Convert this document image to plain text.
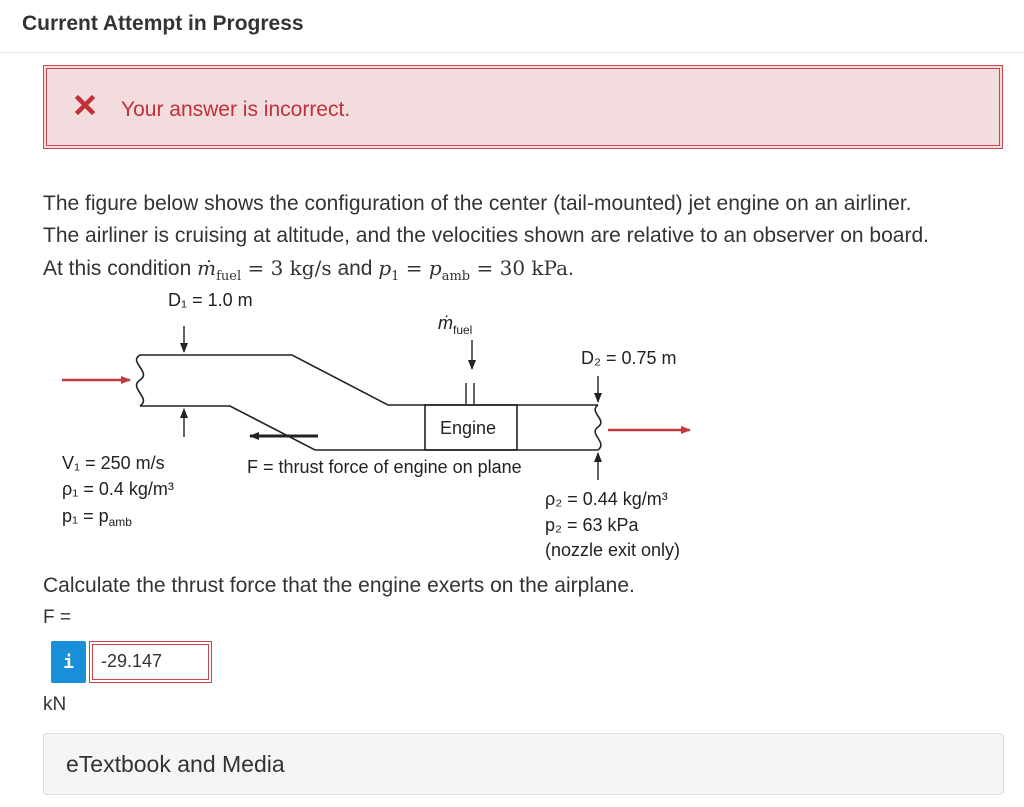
Current Attempt in Progress
Your answer is incorrect.
The figure below shows the configuration of the center (tail-mounted) jet engine on an airliner.
The airliner is cruising at altitude, and the velocities shown are relative to an observer on board.
At this condition ṁ$_{fuel}$ = 3 kg/s and $p_1 = p_{amb} = 30$ kPa.
Engine
D₁ = 1.0 m
ṁ$_{fuel}$
D₂ = 0.75 m
F = thrust force of engine on plane
V₁ = 250 m/s
ρ₁ = 0.4 kg/m³
$p_1 = p_{amb}$
ρ₂ = 0.44 kg/m³
p₂ = 63 kPa
(nozzle exit only)
Calculate the thrust force that the engine exerts on the airplane.
F =
i
-29.147
kN
eTextbook and Media
